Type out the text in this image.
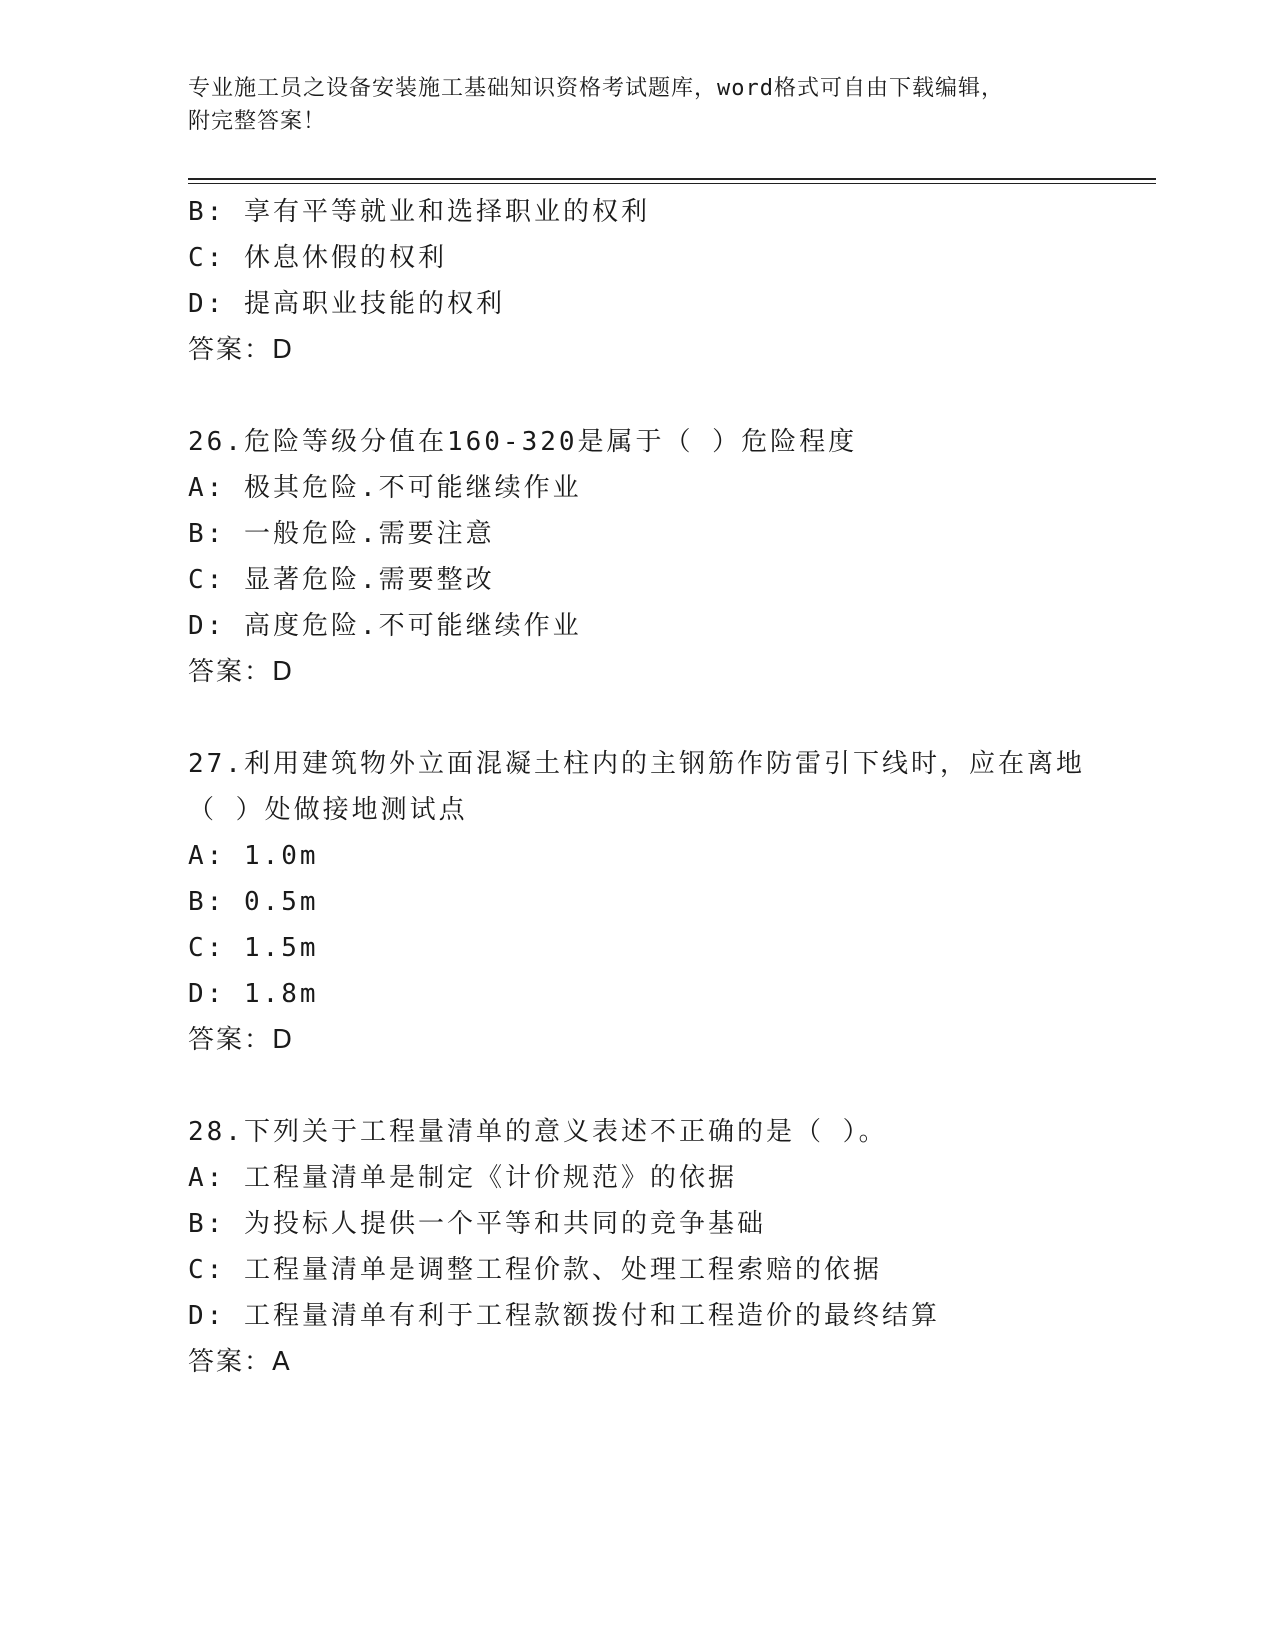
专业施工员之设备安装施工基础知识资格考试题库，word格式可自由下载编辑，
附完整答案！
B: 享有平等就业和选择职业的权利
C: 休息休假的权利
D: 提高职业技能的权利
答案：D
26.危险等级分值在160-320是属于（ ）危险程度
A: 极其危险.不可能继续作业
B: 一般危险.需要注意
C: 显著危险.需要整改
D: 高度危险.不可能继续作业
答案：D
27.利用建筑物外立面混凝土柱内的主钢筋作防雷引下线时，应在离地
（ ）处做接地测试点
A: 1.0m
B: 0.5m
C: 1.5m
D: 1.8m
答案：D
28.下列关于工程量清单的意义表述不正确的是（ ）。
A: 工程量清单是制定《计价规范》的依据
B: 为投标人提供一个平等和共同的竞争基础
C: 工程量清单是调整工程价款、处理工程索赔的依据
D: 工程量清单有利于工程款额拨付和工程造价的最终结算
答案：A
